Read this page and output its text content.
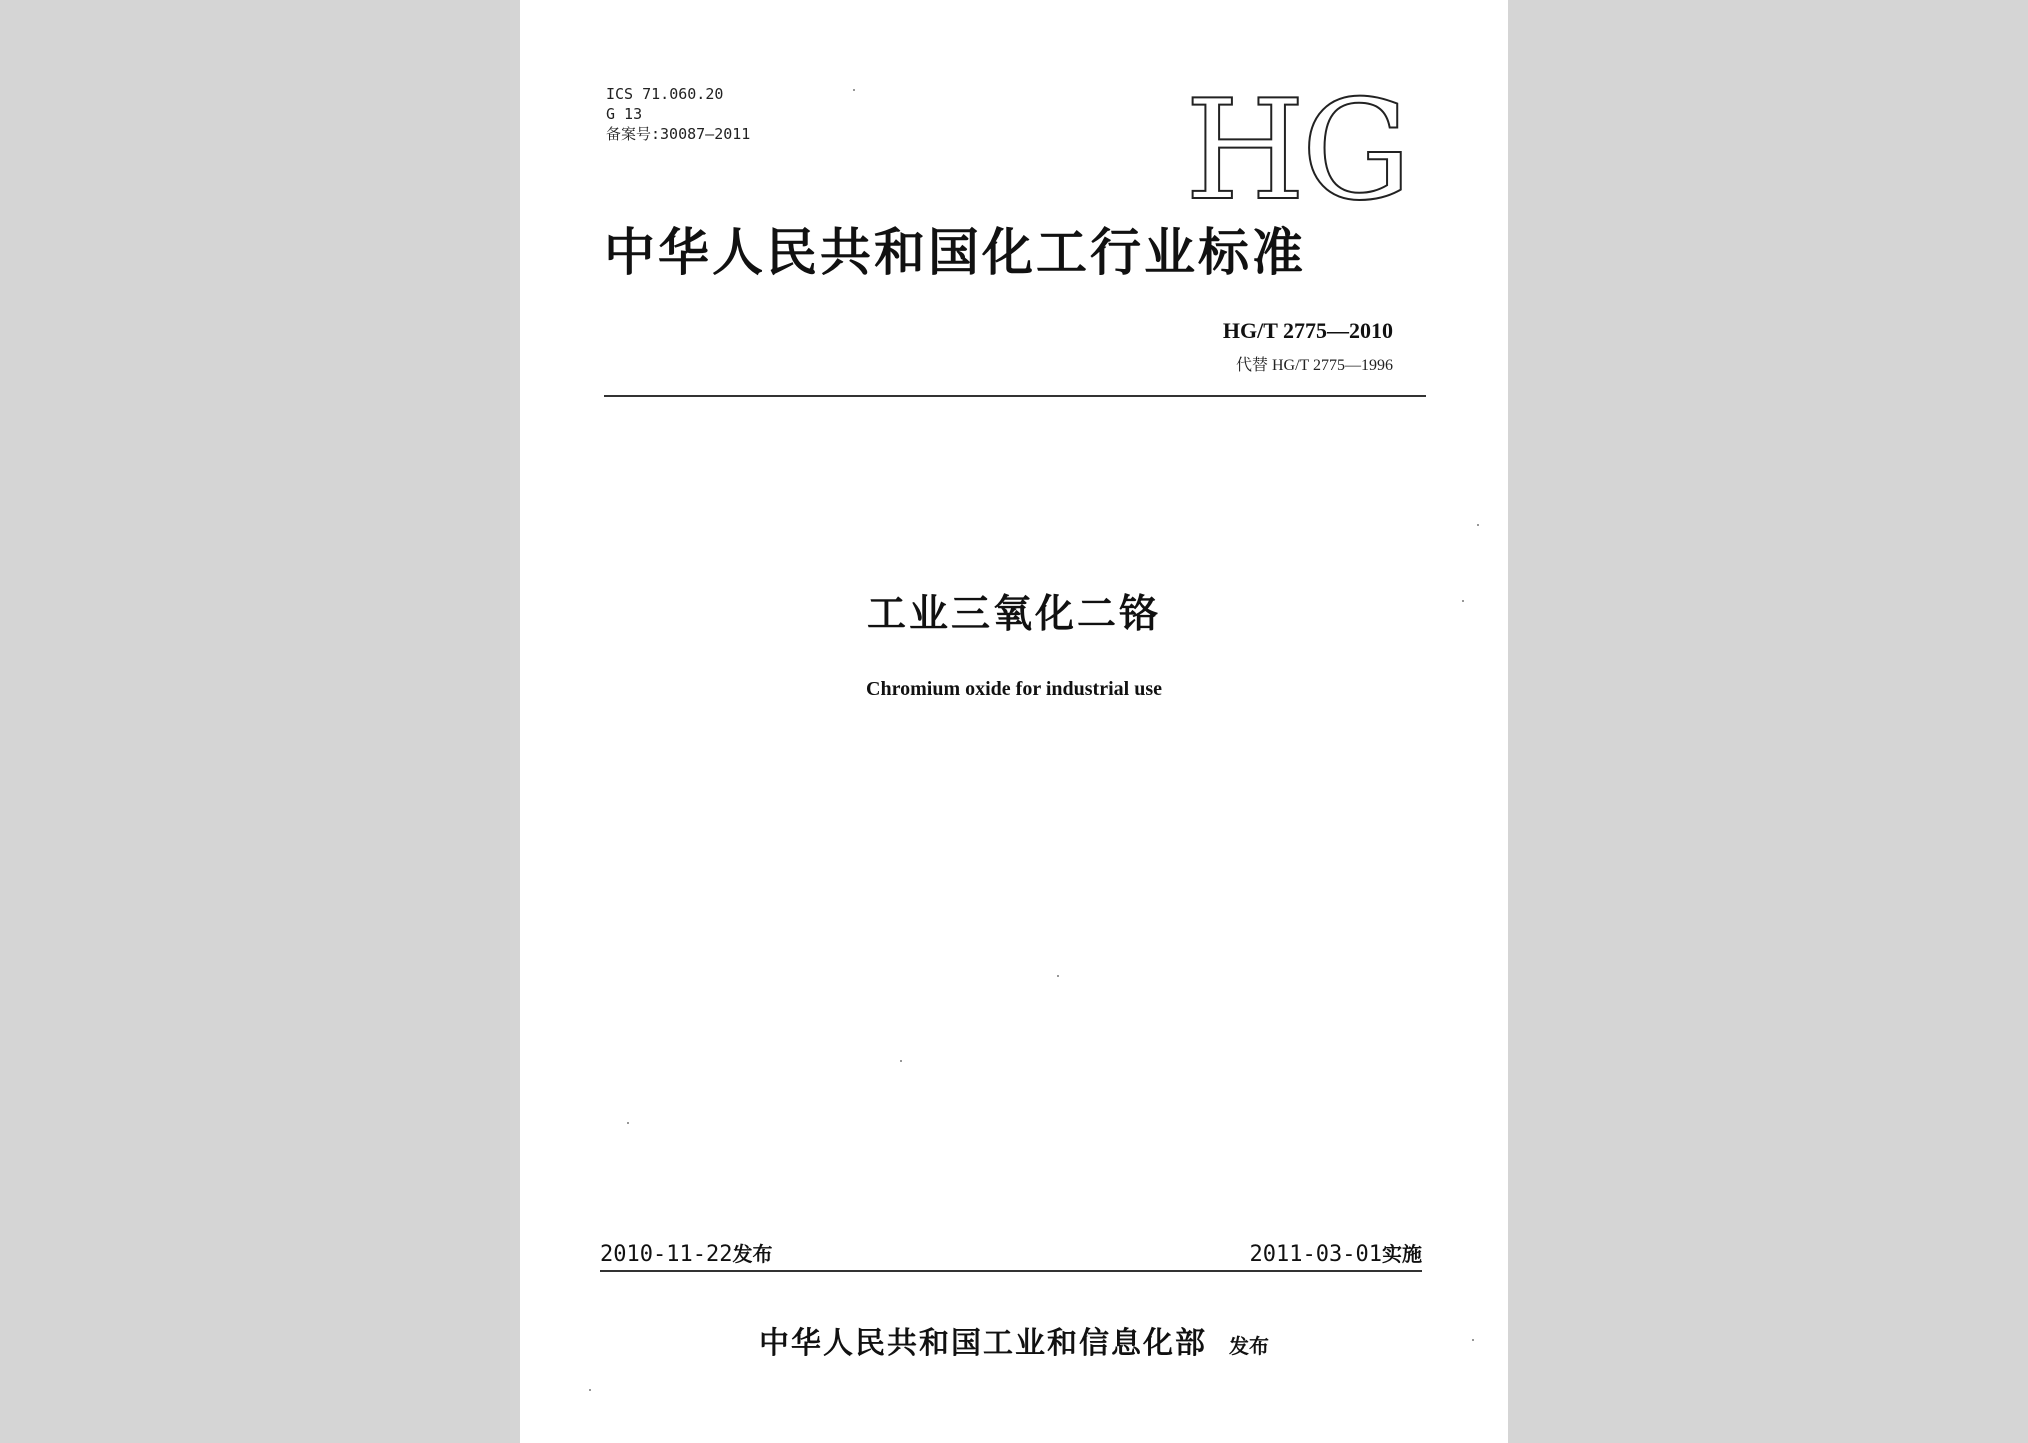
ICS 71.060.20
G 13
备案号:30087—2011	HG
中华人民共和国化工行业标准
HG/T 2775—2010
代替 HG/T 2775—1996
工业三氧化二铬
Chromium oxide for industrial use
2010-11-22发布	2011-03-01实施
中华人民共和国工业和信息化部 发布
